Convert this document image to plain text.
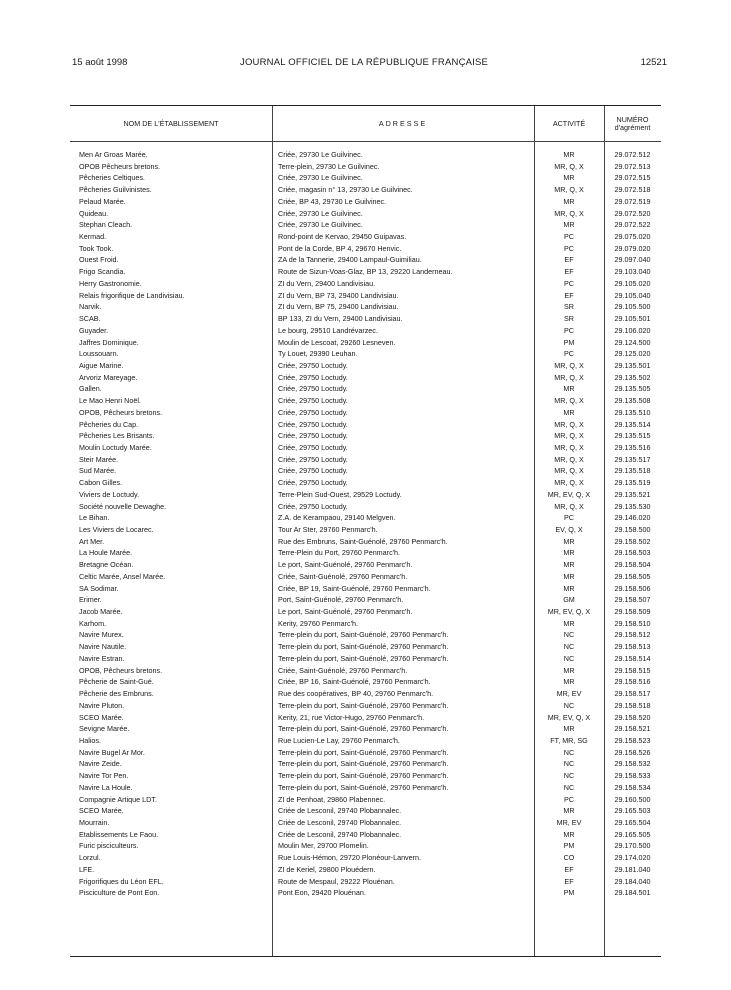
15 août 1998	JOURNAL OFFICIEL DE LA RÉPUBLIQUE FRANÇAISE	12521
NOM DE L'ÉTABLISSEMENT	ADRESSE	ACTIVITÉ	NUMÉRO
d'agrément
Men Ar Groas Marée.	Criée, 29730 Le Guilvinec.	MR	29.072.512
OPOB Pêcheurs bretons.	Terre-plein, 29730 Le Guilvinec.	MR, Q, X	29.072.513
Pêcheries Celtiques.	Criée, 29730 Le Guilvinec.	MR	29.072.515
Pêcheries Guilvinistes.	Criée, magasin n° 13, 29730 Le Guilvinec.	MR, Q, X	29.072.518
Pelaud Marée.	Criée, BP 43, 29730 Le Guilvinec.	MR	29.072.519
Quideau.	Criée, 29730 Le Guilvinec.	MR, Q, X	29.072.520
Stephan Cleach.	Criée, 29730 Le Guilvinec.	MR	29.072.522
Kermad.	Rond-point de Kervao, 29450 Guipavas.	PC	29.075.020
Took Took.	Pont de la Corde, BP 4, 29670 Henvic.	PC	29.079.020
Ouest Froid.	ZA de la Tannerie, 29400 Lampaul-Guimiliau.	EF	29.097.040
Frigo Scandia.	Route de Sizun-Voas-Glaz, BP 13, 29220 Landerneau.	EF	29.103.040
Herry Gastronomie.	ZI du Vern, 29400 Landivisiau.	PC	29.105.020
Relais frigorifique de Landivisiau.	ZI du Vern, BP 73, 29400 Landivisiau.	EF	29.105.040
Narvik.	ZI du Vern, BP 75, 29400 Landivisiau.	SR	29.105.500
SCAB.	BP 133, ZI du Vern, 29400 Landivisiau.	SR	29.105.501
Guyader.	Le bourg, 29510 Landrévarzec.	PC	29.106.020
Jaffres Dominique.	Moulin de Lescoat, 29260 Lesneven.	PM	29.124.500
Loussouarn.	Ty Louet, 29390 Leuhan.	PC	29.125.020
Aigue Marine.	Criée, 29750 Loctudy.	MR, Q, X	29.135.501
Arvoriz Mareyage.	Criée, 29750 Loctudy.	MR, Q, X	29.135.502
Gallen.	Criée, 29750 Loctudy.	MR	29.135.505
Le Mao Henri Noël.	Criée, 29750 Loctudy.	MR, Q, X	29.135.508
OPOB, Pêcheurs bretons.	Criée, 29750 Loctudy.	MR	29.135.510
Pêcheries du Cap.	Criée, 29750 Loctudy.	MR, Q, X	29.135.514
Pêcheries Les Brisants.	Criée, 29750 Loctudy.	MR, Q, X	29.135.515
Moulin Loctudy Marée.	Criée, 29750 Loctudy.	MR, Q, X	29.135.516
Steir Marée.	Criée, 29750 Loctudy.	MR, Q, X	29.135.517
Sud Marée.	Criée, 29750 Loctudy.	MR, Q, X	29.135.518
Cabon Gilles.	Criée, 29750 Loctudy.	MR, Q, X	29.135.519
Viviers de Loctudy.	Terre-Plein Sud-Ouest, 29529 Loctudy.	MR, EV, Q, X	29.135.521
Société nouvelle Dewaghe.	Criée, 29750 Loctudy.	MR, Q, X	29.135.530
Le Bihan.	Z.A. de Kerampaou, 29140 Melgven.	PC	29.146.020
Les Viviers de Locarec.	Tour Ar Ster, 29760 Penmarc'h.	EV, Q, X	29.158.500
Art Mer.	Rue des Embruns, Saint-Guénolé, 29760 Penmarc'h.	MR	29.158.502
La Houle Marée.	Terre-Plein du Port, 29760 Penmarc'h.	MR	29.158.503
Bretagne Océan.	Le port, Saint-Guénolé, 29760 Penmarc'h.	MR	29.158.504
Celtic Marée, Ansel Marée.	Criée, Saint-Guénolé, 29760 Penmarc'h.	MR	29.158.505
SA Sodimar.	Criée, BP 19, Saint-Guénolé, 29760 Penmarc'h.	MR	29.158.506
Erimer.	Port, Saint-Guénolé, 29760 Penmarc'h.	GM	29.158.507
Jacob Marée.	Le port, Saint-Guénolé, 29760 Penmarc'h.	MR, EV, Q, X	29.158.509
Karhom.	Kerity, 29760 Penmarc'h.	MR	29.158.510
Navire Murex.	Terre-plein du port, Saint-Guénolé, 29760 Penmarc'h.	NC	29.158.512
Navire Nautile.	Terre-plein du port, Saint-Guénolé, 29760 Penmarc'h.	NC	29.158.513
Navire Estran.	Terre-plein du port, Saint-Guénolé, 29760 Penmarc'h.	NC	29.158.514
OPOB, Pêcheurs bretons.	Criée, Saint-Guénolé, 29760 Penmarc'h.	MR	29.158.515
Pêcherie de Saint-Gué.	Criée, BP 16, Saint-Guénolé, 29760 Penmarc'h.	MR	29.158.516
Pêcherie des Embruns.	Rue des coopératives, BP 40, 29760 Penmarc'h.	MR, EV	29.158.517
Navire Pluton.	Terre-plein du port, Saint-Guénolé, 29760 Penmarc'h.	NC	29.158.518
SCEO Marée.	Kerity, 21, rue Victor-Hugo, 29760 Penmarc'h.	MR, EV, Q, X	29.158.520
Sevigne Marée.	Terre-plein du port, Saint-Guénolé, 29760 Penmarc'h.	MR	29.158.521
Halios.	Rue Lucien-Le Lay, 29760 Penmarc'h.	FT, MR, SG	29.158.523
Navire Bugel Ar Mor.	Terre-plein du port, Saint-Guénolé, 29760 Penmarc'h.	NC	29.158.526
Navire Zeide.	Terre-plein du port, Saint-Guénolé, 29760 Penmarc'h.	NC	29.158.532
Navire Tor Pen.	Terre-plein du port, Saint-Guénolé, 29760 Penmarc'h.	NC	29.158.533
Navire La Houle.	Terre-plein du port, Saint-Guénolé, 29760 Penmarc'h.	NC	29.158.534
Compagnie Artique LDT.	ZI de Penhoat, 29860 Plabennec.	PC	29.160.500
SCEO Marée.	Criée de Lesconil, 29740 Plobannalec.	MR	29.165.503
Mourrain.	Criée de Lesconil, 29740 Plobannalec.	MR, EV	29.165.504
Etablissements Le Faou.	Criée de Lesconil, 29740 Plobannalec.	MR	29.165.505
Furic pisciculteurs.	Moulin Mer, 29700 Plomelin.	PM	29.170.500
Lorzul.	Rue Louis-Hémon, 29720 Plonéour-Lanvern.	CO	29.174.020
LFE.	ZI de Keriel, 29800 Plouédern.	EF	29.181.040
Frigorifiques du Léon EFL.	Route de Mespaul, 29222 Plouénan.	EF	29.184.040
Pisciculture de Pont Eon.	Pont Eon, 29420 Plouénan.	PM	29.184.501
